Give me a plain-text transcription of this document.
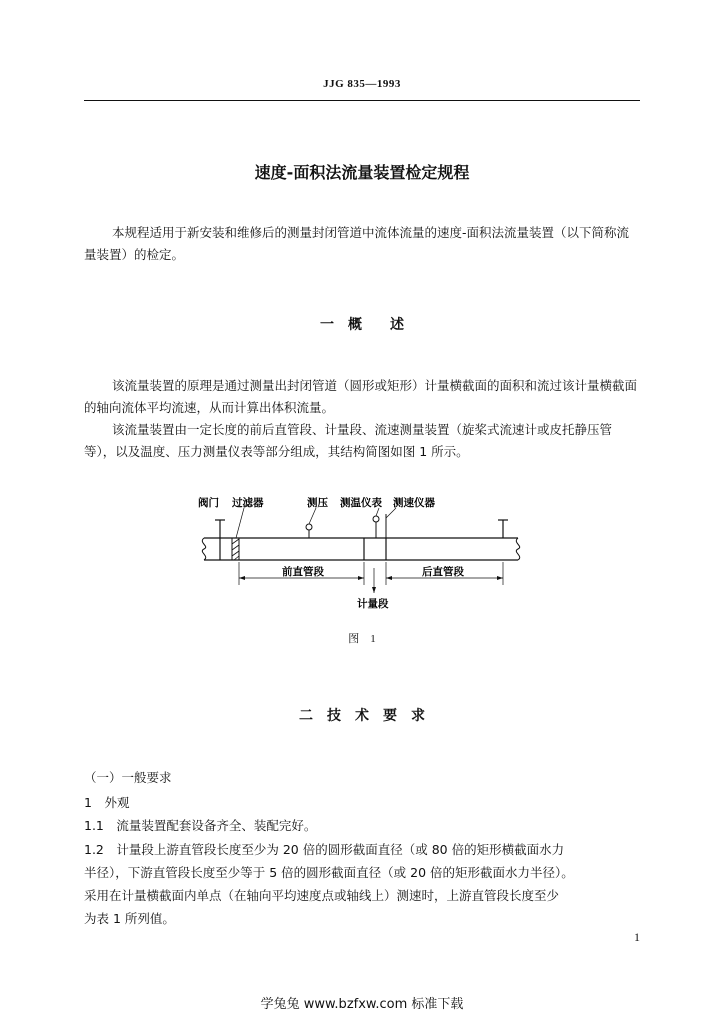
JJG 835—1993
速度-面积法流量装置检定规程

本规程适用于新安装和维修后的测量封闭管道中流体流量的速度-面积法流量装置（以下简称流量装置）的检定。

一　概　　述

该流量装置的原理是通过测量出封闭管道（圆形或矩形）计量横截面的面积和流过该计量横截面的轴向流体平均流速，从而计算出体积流量。

该流量装置由一定长度的前后直管段、计量段、流速测量装置（旋桨式流速计或皮托静压管等），以及温度、压力测量仪表等部分组成，其结构简图如图 1 所示。

阀门 过滤器	测压 测温仪表 测速仪器
前直管段	后直管段
计量段
图　1
二　技　术　要　求

（一）一般要求

1　外观

1.1　流量装置配套设备齐全、装配完好。

1.2　计量段上游直管段长度至少为 20 倍的圆形截面直径（或 80 倍的矩形横截面水力

半径），下游直管段长度至少等于 5 倍的圆形截面直径（或 20 倍的矩形截面水力半径）。

采用在计量横截面内单点（在轴向平均速度点或轴线上）测速时，上游直管段长度至少

为表 1 所列值。

1
学兔兔 www.bzfxw.com 标准下载
